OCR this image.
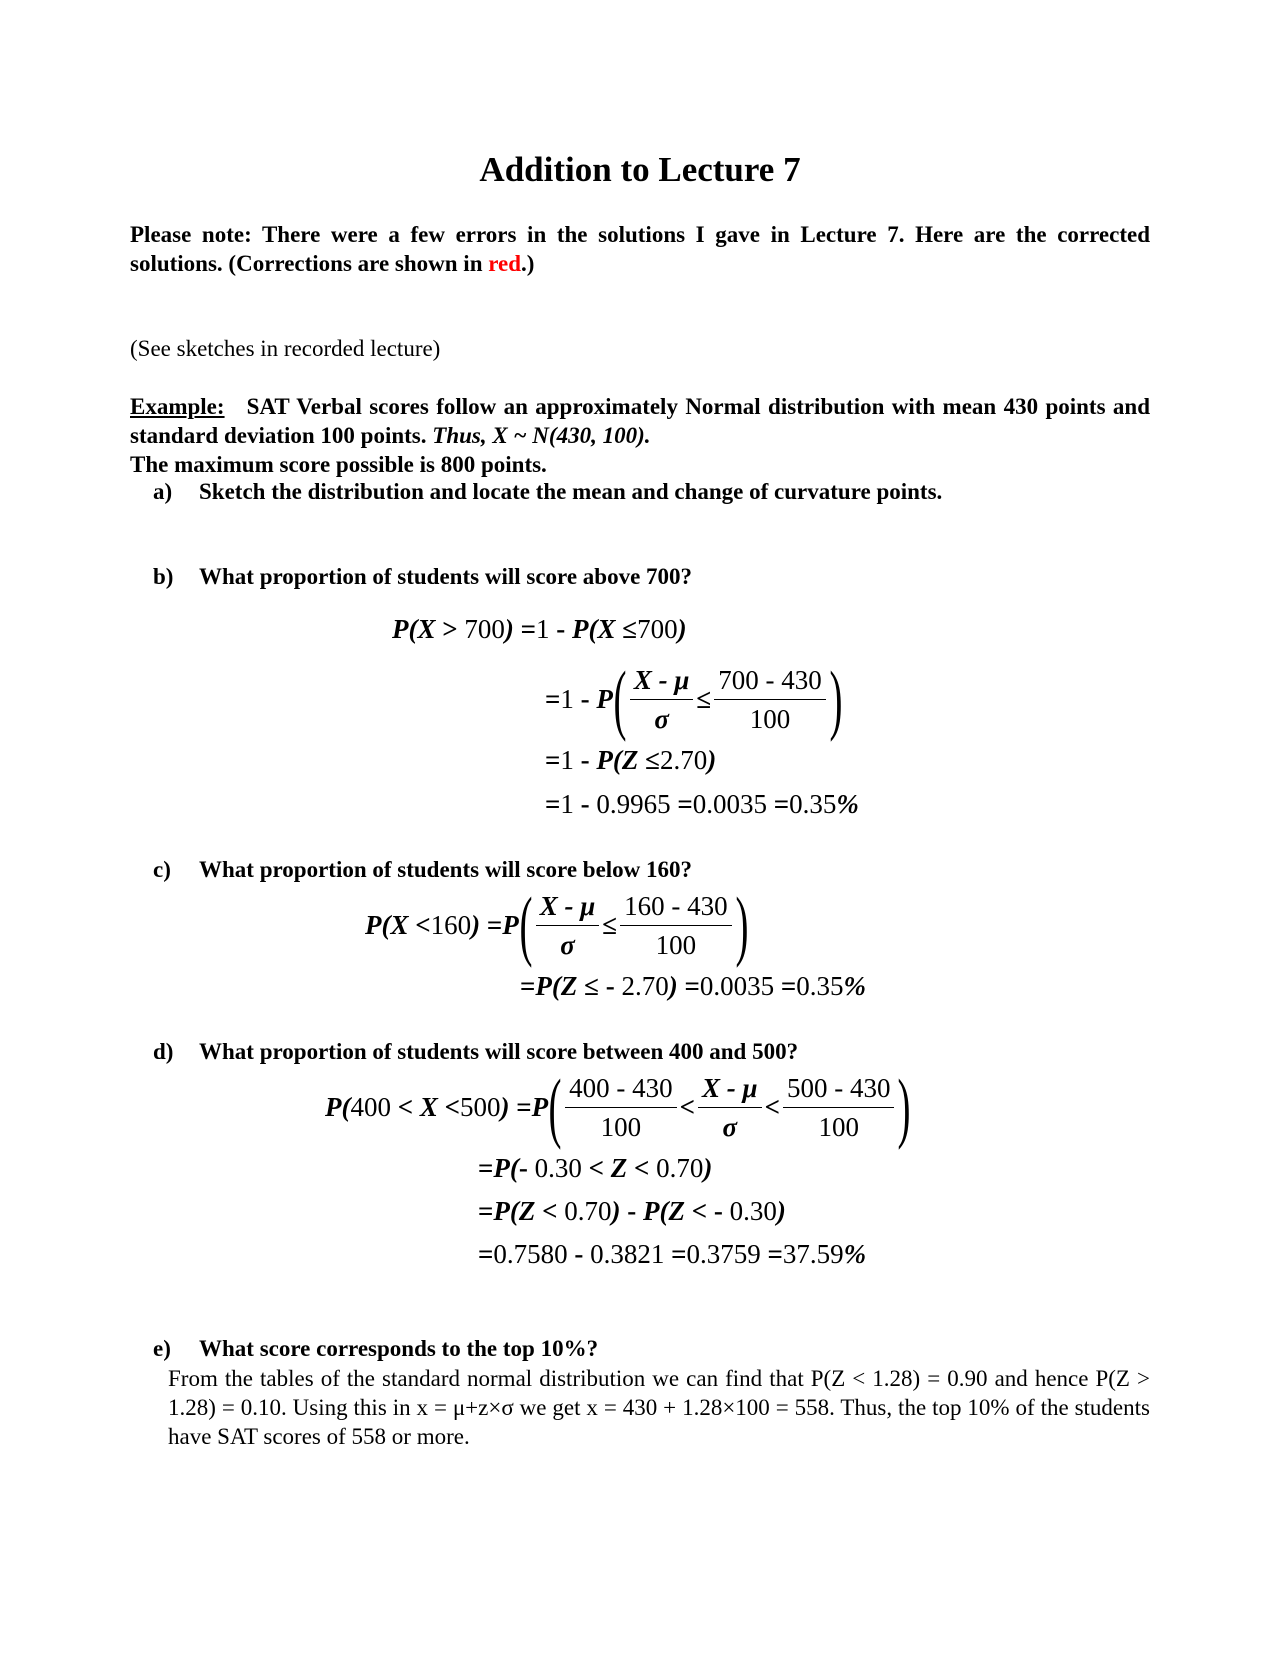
Addition to Lecture 7
Please note: There were a few errors in the solutions I gave in Lecture 7. Here are the corrected solutions. (Corrections are shown in red.)
(See sketches in recorded lecture)
Example: SAT Verbal scores follow an approximately Normal distribution with mean 430 points and standard deviation 100 points. Thus, X ~ N(430, 100).
The maximum score possible is 800 points.
a) Sketch the distribution and locate the mean and change of curvature points.
b) What proportion of students will score above 700?
P(X
> 700 )
= 1 - P(X
≤ 700 )
= 1 - P ( $\frac{X - \mu}{\sigma} \le \frac{700 - 430}{100}$ )
= 1 - P(Z
≤ 2.70 )
= 1 - 0.9965 = 0.0035 = 0.35 %
c) What proportion of students will score below 160?
P(X
< 160 )
= P ( $\frac{X - \mu}{\sigma} \le \frac{160 - 430}{100}$ )
= P(Z
≤ - 2.70 )
= 0.0035 = 0.35 %
d) What proportion of students will score between 400 and 500?
P( 400 <
X
< 500 )
= P ( $\frac{400 - 430}{100} < \frac{X - \mu}{\sigma} < \frac{500 - 430}{100}$ )
= P( - 0.30 <
Z
< 0.70 )
= P(Z
< 0.70 ) - P(Z
< - 0.30 )
= 0.7580 - 0.3821 = 0.3759 = 37.59 %
e) What score corresponds to the top 10%?
From the tables of the standard normal distribution we can find that P(Z < 1.28) = 0.90 and hence P(Z > 1.28) = 0.10. Using this in x = μ+z×σ we get x = 430 + 1.28×100 = 558. Thus, the top 10% of the students have SAT scores of 558 or more.
